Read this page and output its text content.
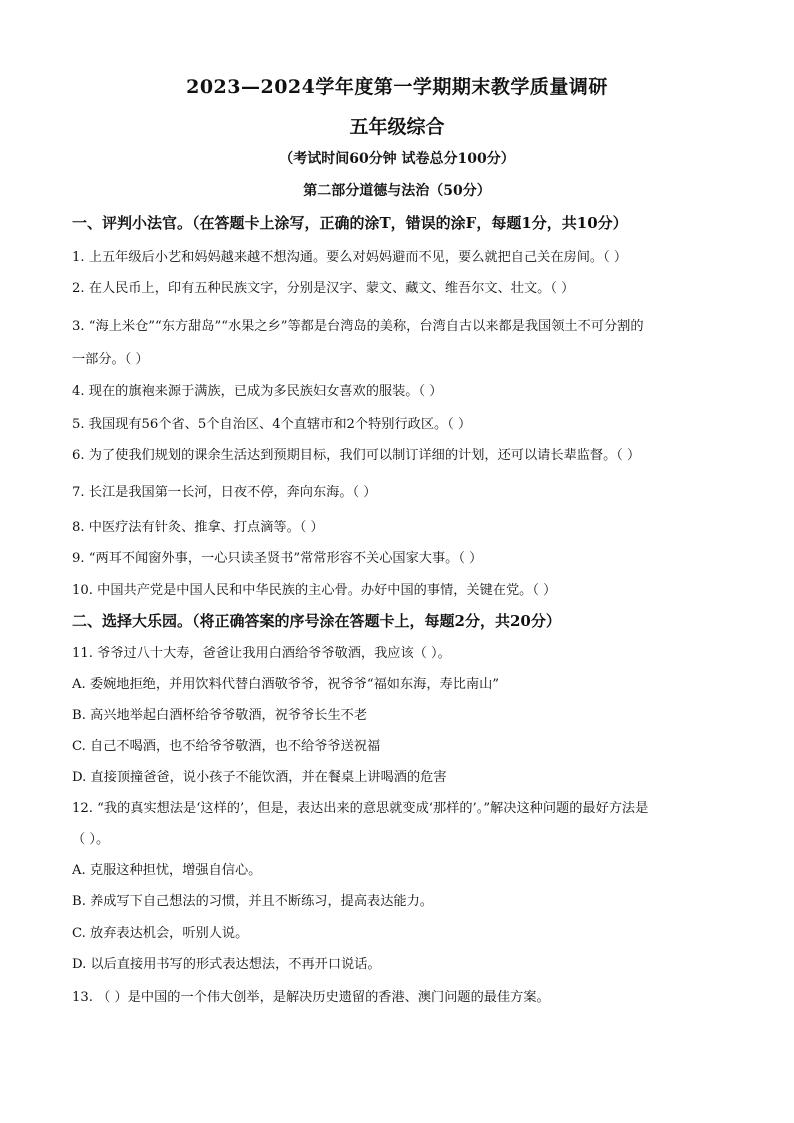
2023—2024学年度第一学期期末教学质量调研
五年级综合
（考试时间60分钟 试卷总分100分）
第二部分道德与法治（50分）
一、评判小法官。（在答题卡上涂写，正确的涂T，错误的涂F，每题1分，共10分）
1. 上五年级后小艺和妈妈越来越不想沟通。要么对妈妈避而不见，要么就把自己关在房间。（ ）
2. 在人民币上，印有五种民族文字，分别是汉字、蒙文、藏文、维吾尔文、壮文。（ ）
3. “海上米仓”“东方甜岛”“水果之乡”等都是台湾岛的美称，台湾自古以来都是我国领土不可分割的
一部分。（ ）
4. 现在的旗袍来源于满族，已成为多民族妇女喜欢的服装。（ ）
5. 我国现有56个省、5个自治区、4个直辖市和2个特别行政区。（ ）
6. 为了使我们规划的课余生活达到预期目标，我们可以制订详细的计划，还可以请长辈监督。（ ）
7. 长江是我国第一长河，日夜不停，奔向东海。（ ）
8. 中医疗法有针灸、推拿、打点滴等。（ ）
9. “两耳不闻窗外事，一心只读圣贤书”常常形容不关心国家大事。（ ）
10. 中国共产党是中国人民和中华民族的主心骨。办好中国的事情，关键在党。（ ）
二、选择大乐园。（将正确答案的序号涂在答题卡上，每题2分，共20分）
11. 爷爷过八十大寿，爸爸让我用白酒给爷爷敬酒，我应该（ ）。
A. 委婉地拒绝，并用饮料代替白酒敬爷爷，祝爷爷“福如东海，寿比南山”
B. 高兴地举起白酒杯给爷爷敬酒，祝爷爷长生不老
C. 自己不喝酒，也不给爷爷敬酒，也不给爷爷送祝福
D. 直接顶撞爸爸，说小孩子不能饮酒，并在餐桌上讲喝酒的危害
12. “我的真实想法是‘这样的’，但是，表达出来的意思就变成‘那样的’。”解决这种问题的最好方法是
（ ）。
A. 克服这种担忧，增强自信心。
B. 养成写下自己想法的习惯，并且不断练习，提高表达能力。
C. 放弃表达机会，听别人说。
D. 以后直接用书写的形式表达想法，不再开口说话。
13. （ ）是中国的一个伟大创举，是解决历史遗留的香港、澳门问题的最佳方案。
